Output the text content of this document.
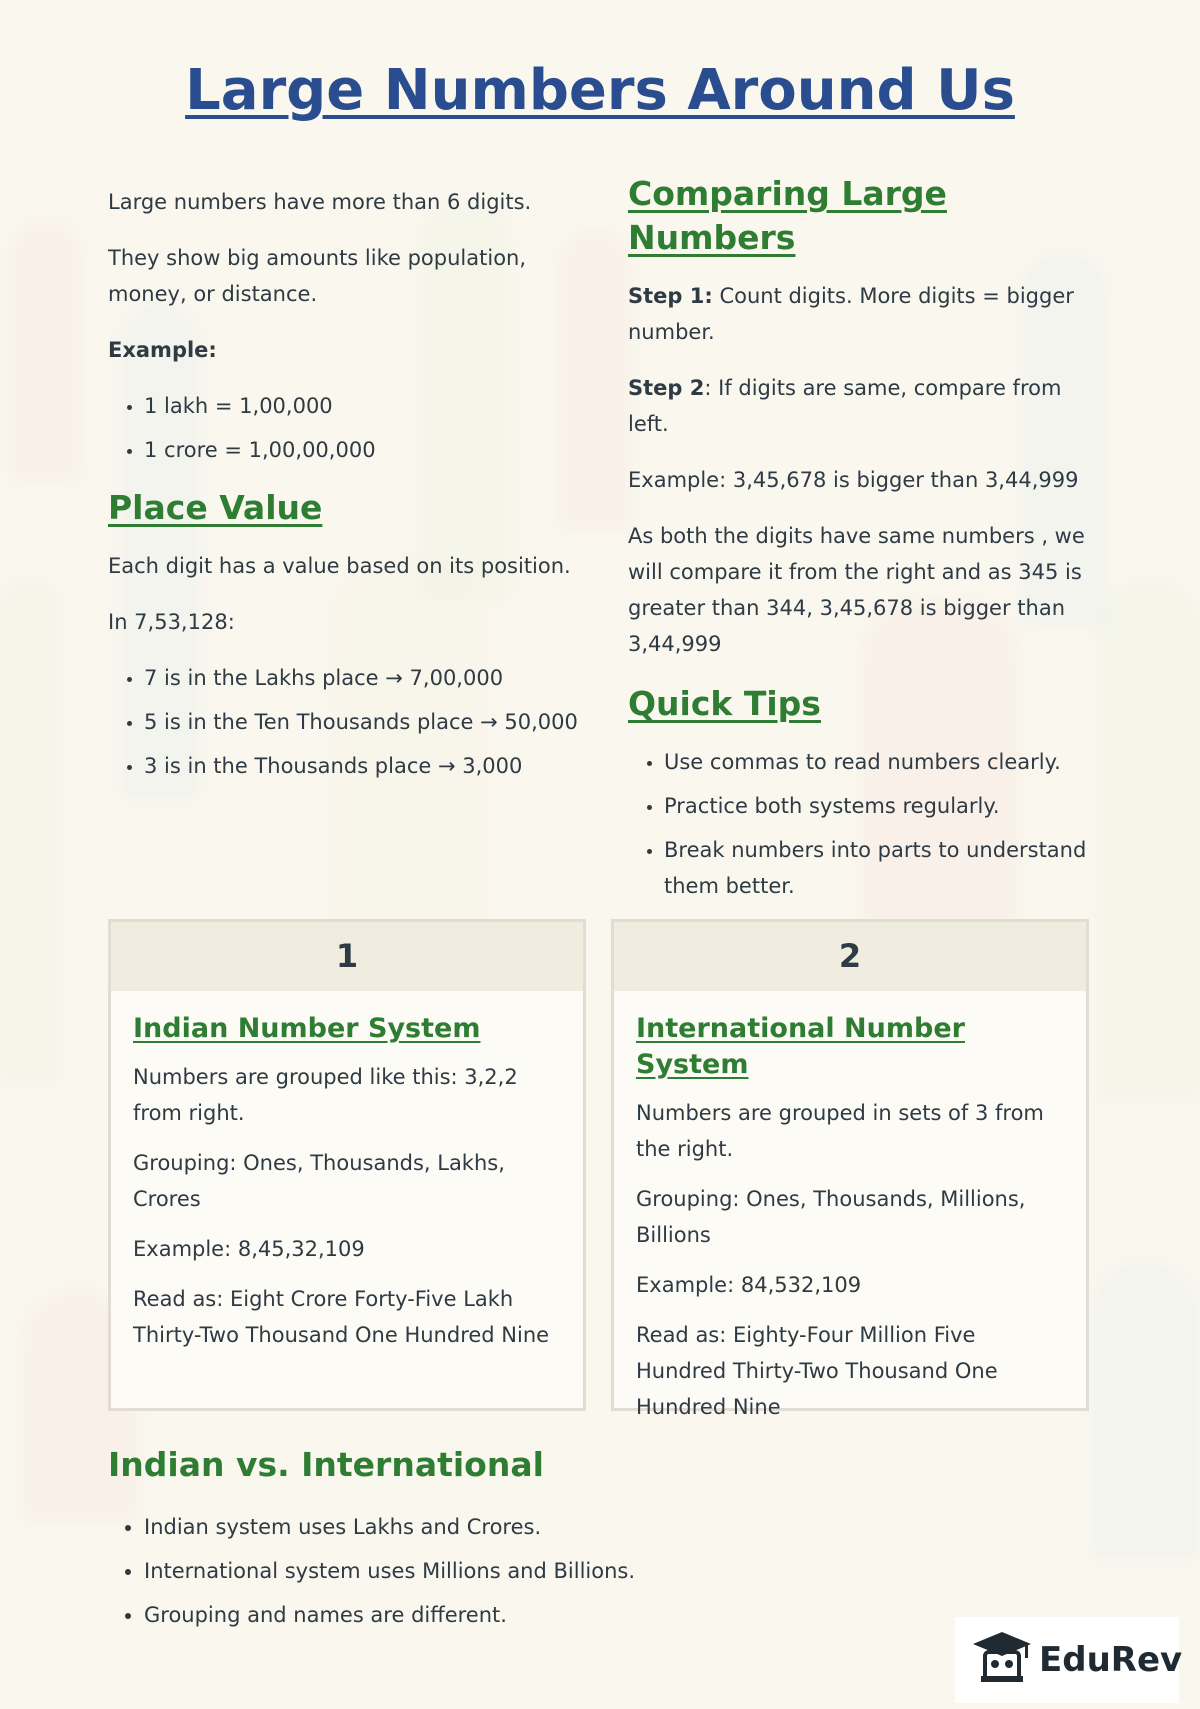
Large Numbers Around Us

Large numbers have more than 6 digits.

They show big amounts like population, money, or distance.

Example:

• 1 lakh = 1,00,000
• 1 crore = 1,00,00,000
Place Value

Each digit has a value based on its position.

In 7,53,128:

• 7 is in the Lakhs place → 7,00,000
• 5 is in the Ten Thousands place → 50,000
• 3 is in the Thousands place → 3,000
Comparing Large Numbers

Step 1: Count digits. More digits = bigger number.

Step 2: If digits are same, compare from left.

Example: 3,45,678 is bigger than 3,44,999

As both the digits have same numbers , we will compare it from the right and as 345 is greater than 344, 3,45,678 is bigger than 3,44,999

Quick Tips
• Use commas to read numbers clearly.
• Practice both systems regularly.
• Break numbers into parts to understand them better.
1
Indian Number System

Numbers are grouped like this: 3,2,2 from right.

Grouping: Ones, Thousands, Lakhs, Crores

Example: 8,45,32,109

Read as: Eight Crore Forty-Five Lakh Thirty-Two Thousand One Hundred Nine

2
International Number System

Numbers are grouped in sets of 3 from the right.

Grouping: Ones, Thousands, Millions, Billions

Example: 84,532,109

Read as: Eighty-Four Million Five Hundred Thirty-Two Thousand One Hundred Nine

Indian vs. International
• Indian system uses Lakhs and Crores.
• International system uses Millions and Billions.
• Grouping and names are different.
EduRev
